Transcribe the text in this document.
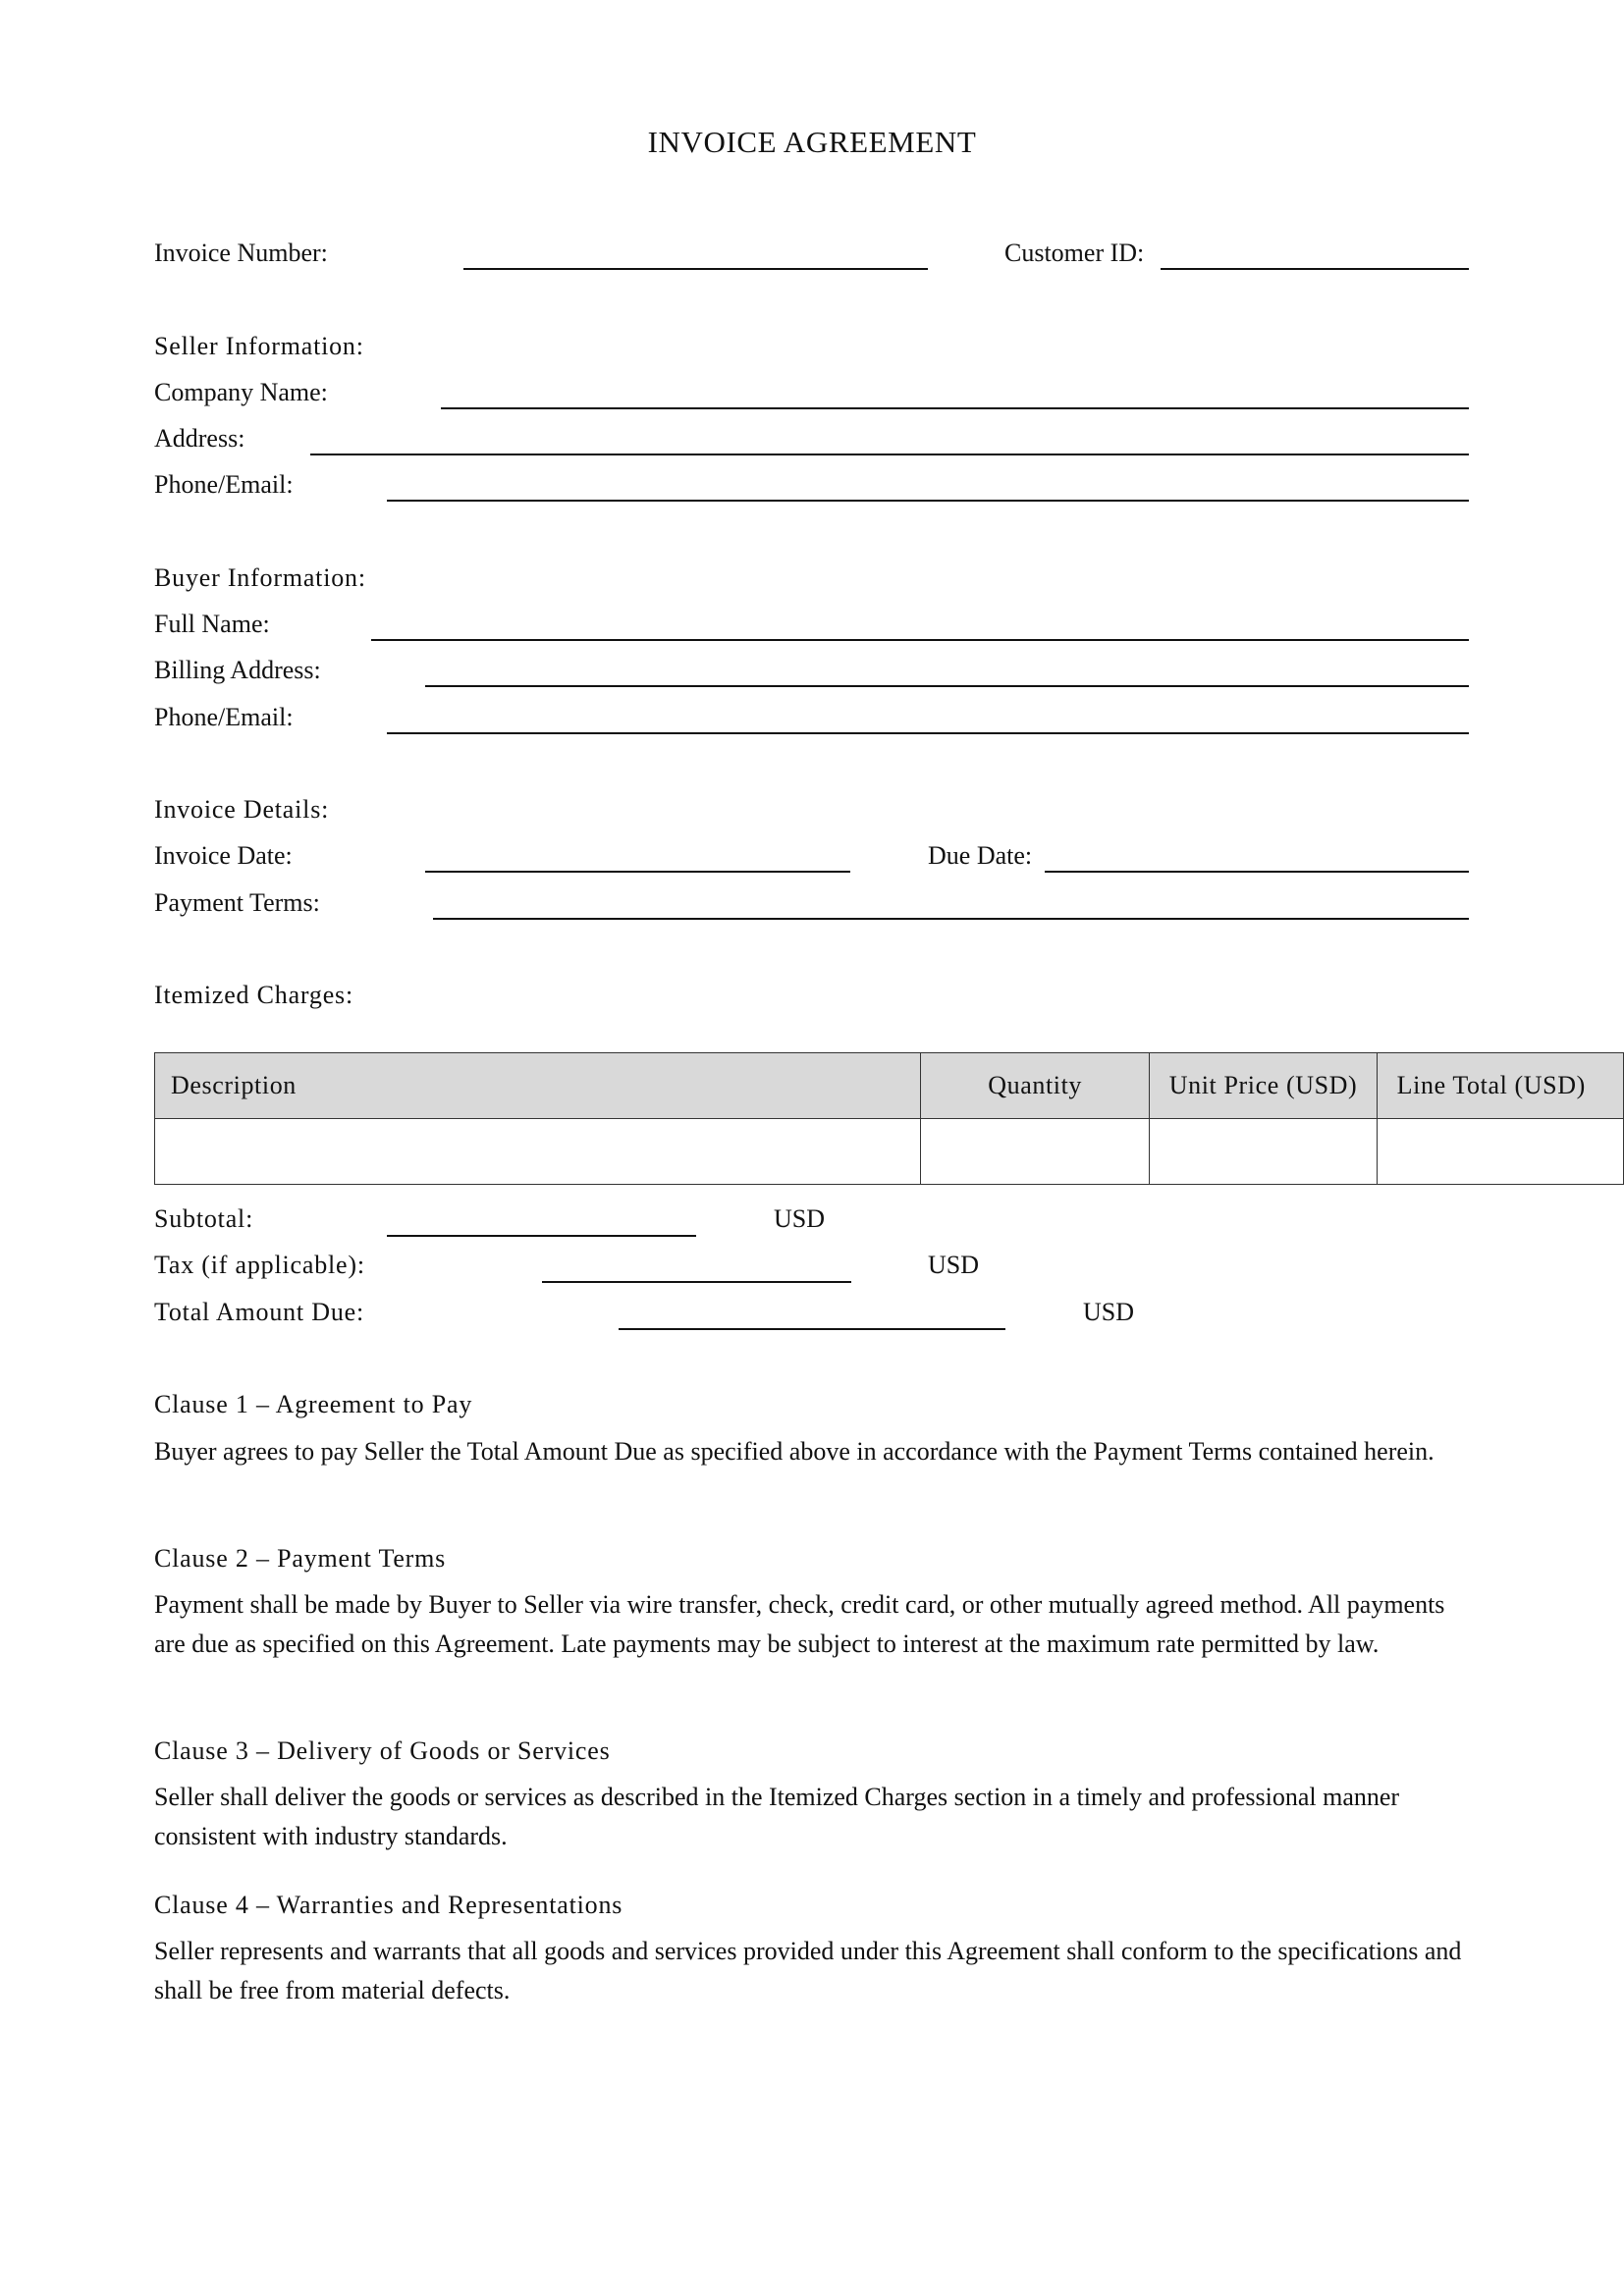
INVOICE AGREEMENT
Invoice Number:	Customer ID:
Seller Information:
Company Name:
Address:
Phone/Email:
Buyer Information:
Full Name:
Billing Address:
Phone/Email:
Invoice Details:
Invoice Date:	Due Date:
Payment Terms:
Itemized Charges:
Description	Quantity	Unit Price (USD)	Line Total (USD)

Subtotal:	USD
Tax (if applicable):	USD
Total Amount Due:	USD
Clause 1 – Agreement to Pay
Buyer agrees to pay Seller the Total Amount Due as specified above in accordance with the Payment Terms contained herein.
Clause 2 – Payment Terms
Payment shall be made by Buyer to Seller via wire transfer, check, credit card, or other mutually agreed method. All payments are due as specified on this Agreement. Late payments may be subject to interest at the maximum rate permitted by law.
Clause 3 – Delivery of Goods or Services
Seller shall deliver the goods or services as described in the Itemized Charges section in a timely and professional manner consistent with industry standards.
Clause 4 – Warranties and Representations
Seller represents and warrants that all goods and services provided under this Agreement shall conform to the specifications and shall be free from material defects.
